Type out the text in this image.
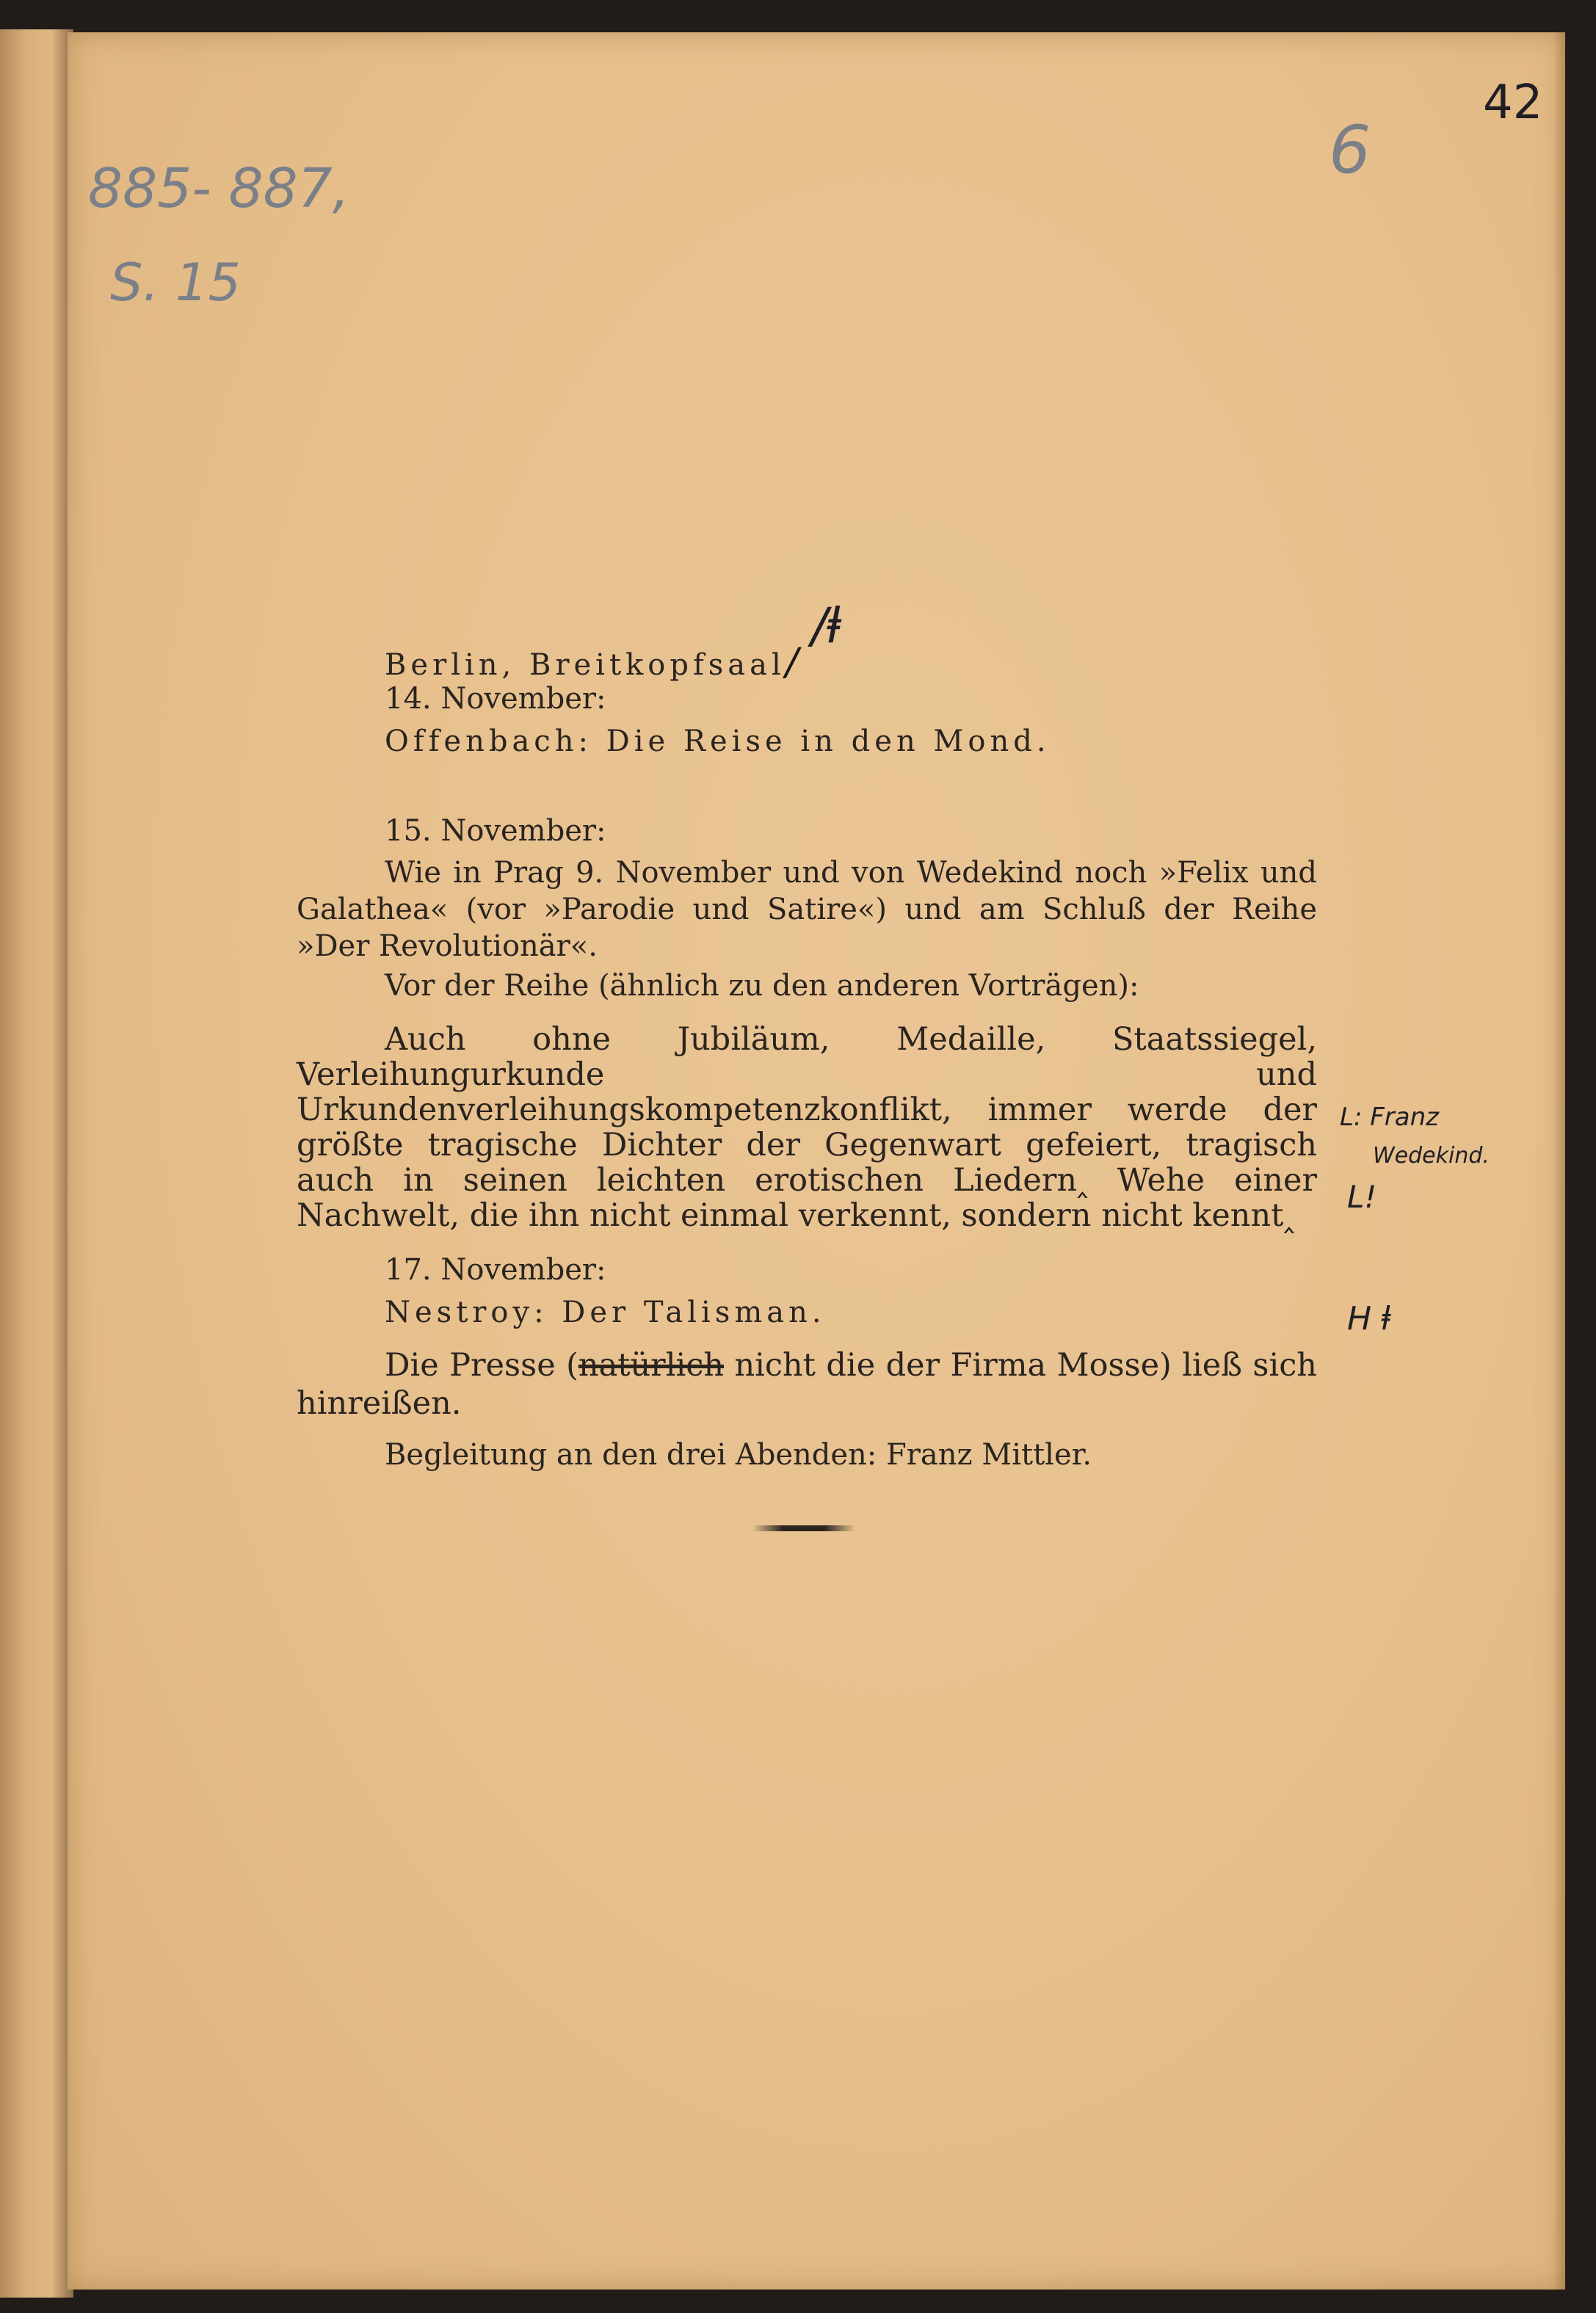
885- 887,
S. 15
42
6
/ⱡ
L: Franz
Wedekind.
L!
H ⱡ
Berlin, Breitkopfsaal/
14. November:
Offenbach: Die Reise in den Mond.
15. November:
Wie in Prag 9. November und von Wedekind noch »Felix und Galathea« (vor »Parodie und Satire«) und am Schluß der Reihe »Der Revolutionär«.
Vor der Reihe (ähnlich zu den anderen Vorträgen):
Auch ohne Jubiläum, Medaille, Staatssiegel, Verleihungurkunde und Urkundenverleihungskompetenzkonflikt, immer werde der größte tragische Dichter der Gegenwart gefeiert, tragisch auch in seinen leichten erotischen Liedern‸ Wehe einer Nachwelt, die ihn nicht einmal verkennt, sondern nicht kennt‸
17. November:
Nestroy: Der Talisman.
Die Presse (natürlich nicht die der Firma Mosse) ließ sich hinreißen.
Begleitung an den drei Abenden: Franz Mittler.
